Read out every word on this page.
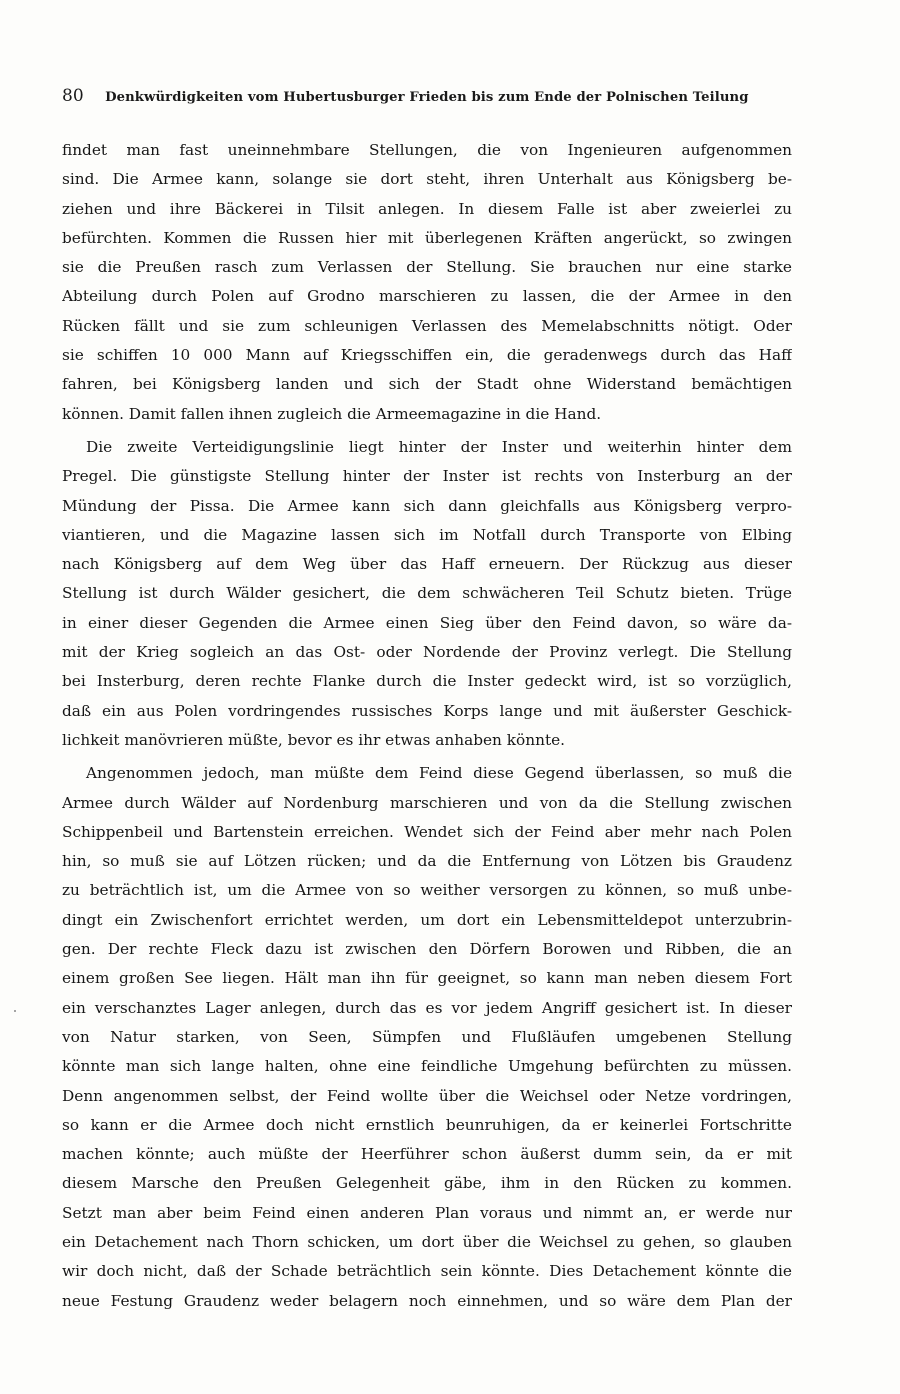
80 Denkwürdigkeiten vom Hubertusburger Frieden bis zum Ende der Polnischen Teilung
findet man fast uneinnehmbare Stellungen, die von Ingenieuren aufgenommen
sind. Die Armee kann, solange sie dort steht, ihren Unterhalt aus Königsberg be-
ziehen und ihre Bäckerei in Tilsit anlegen. In diesem Falle ist aber zweierlei zu
befürchten. Kommen die Russen hier mit überlegenen Kräften angerückt, so zwingen
sie die Preußen rasch zum Verlassen der Stellung. Sie brauchen nur eine starke
Abteilung durch Polen auf Grodno marschieren zu lassen, die der Armee in den
Rücken fällt und sie zum schleunigen Verlassen des Memelabschnitts nötigt. Oder
sie schiffen 10 000 Mann auf Kriegsschiffen ein, die geradenwegs durch das Haff
fahren, bei Königsberg landen und sich der Stadt ohne Widerstand bemächtigen
können. Damit fallen ihnen zugleich die Armeemagazine in die Hand.
Die zweite Verteidigungslinie liegt hinter der Inster und weiterhin hinter dem
Pregel. Die günstigste Stellung hinter der Inster ist rechts von Insterburg an der
Mündung der Pissa. Die Armee kann sich dann gleichfalls aus Königsberg verpro-
viantieren, und die Magazine lassen sich im Notfall durch Transporte von Elbing
nach Königsberg auf dem Weg über das Haff erneuern. Der Rückzug aus dieser
Stellung ist durch Wälder gesichert, die dem schwächeren Teil Schutz bieten. Trüge
in einer dieser Gegenden die Armee einen Sieg über den Feind davon, so wäre da-
mit der Krieg sogleich an das Ost- oder Nordende der Provinz verlegt. Die Stellung
bei Insterburg, deren rechte Flanke durch die Inster gedeckt wird, ist so vorzüglich,
daß ein aus Polen vordringendes russisches Korps lange und mit äußerster Geschick-
lichkeit manövrieren müßte, bevor es ihr etwas anhaben könnte.
Angenommen jedoch, man müßte dem Feind diese Gegend überlassen, so muß die
Armee durch Wälder auf Nordenburg marschieren und von da die Stellung zwischen
Schippenbeil und Bartenstein erreichen. Wendet sich der Feind aber mehr nach Polen
hin, so muß sie auf Lötzen rücken; und da die Entfernung von Lötzen bis Graudenz
zu beträchtlich ist, um die Armee von so weither versorgen zu können, so muß unbe-
dingt ein Zwischenfort errichtet werden, um dort ein Lebensmitteldepot unterzubrin-
gen. Der rechte Fleck dazu ist zwischen den Dörfern Borowen und Ribben, die an
einem großen See liegen. Hält man ihn für geeignet, so kann man neben diesem Fort
ein verschanztes Lager anlegen, durch das es vor jedem Angriff gesichert ist. In dieser
von Natur starken, von Seen, Sümpfen und Flußläufen umgebenen Stellung
könnte man sich lange halten, ohne eine feindliche Umgehung befürchten zu müssen.
Denn angenommen selbst, der Feind wollte über die Weichsel oder Netze vordringen,
so kann er die Armee doch nicht ernstlich beunruhigen, da er keinerlei Fortschritte
machen könnte; auch müßte der Heerführer schon äußerst dumm sein, da er mit
diesem Marsche den Preußen Gelegenheit gäbe, ihm in den Rücken zu kommen.
Setzt man aber beim Feind einen anderen Plan voraus und nimmt an, er werde nur
ein Detachement nach Thorn schicken, um dort über die Weichsel zu gehen, so glauben
wir doch nicht, daß der Schade beträchtlich sein könnte. Dies Detachement könnte die
neue Festung Graudenz weder belagern noch einnehmen, und so wäre dem Plan der
